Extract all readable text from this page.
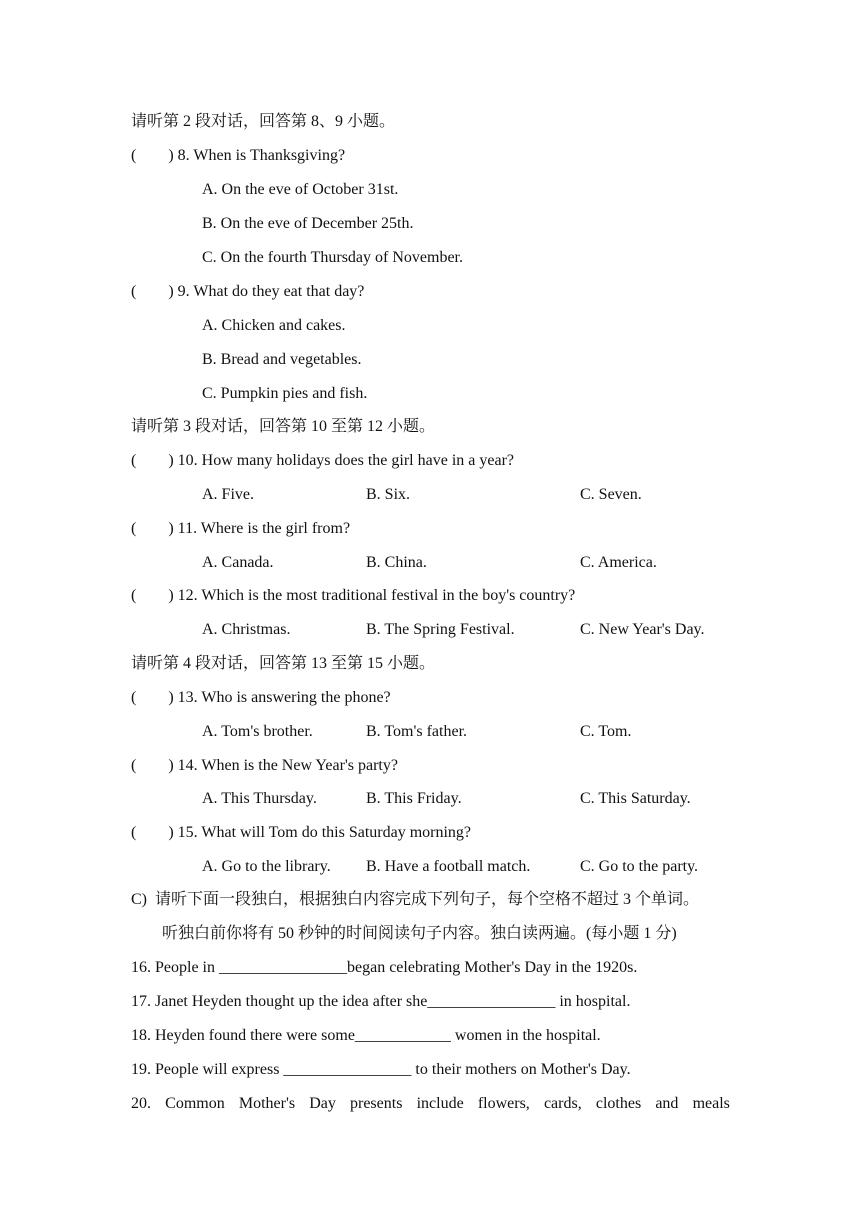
请听第 2 段对话，回答第 8、9 小题。
(        ) 8. When is Thanksgiving?
A. On the eve of October 31st.
B. On the eve of December 25th.
C. On the fourth Thursday of November.
(        ) 9. What do they eat that day?
A. Chicken and cakes.
B. Bread and vegetables.
C. Pumpkin pies and fish.
请听第 3 段对话，回答第 10 至第 12 小题。
(        ) 10. How many holidays does the girl have in a year?
A. Five.	B. Six.	C. Seven.
(        ) 11. Where is the girl from?
A. Canada.	B. China.	C. America.
(        ) 12. Which is the most traditional festival in the boy's country?
A. Christmas.	B. The Spring Festival.	C. New Year's Day.
请听第 4 段对话，回答第 13 至第 15 小题。
(        ) 13. Who is answering the phone?
A. Tom's brother.	B. Tom's father.	C. Tom.
(        ) 14. When is the New Year's party?
A. This Thursday.	B. This Friday.	C. This Saturday.
(        ) 15. What will Tom do this Saturday morning?
A. Go to the library. B. Have a football match.	C. Go to the party.
C)  请听下面一段独白，根据独白内容完成下列句子，每个空格不超过 3 个单词。
听独白前你将有 50 秒钟的时间阅读句子内容。独白读两遍。(每小题 1 分)
16. People in ________________began celebrating Mother's Day in the 1920s.
17. Janet Heyden thought up the idea after she________________ in hospital.
18. Heyden found there were some____________ women in the hospital.
19. People will express ________________ to their mothers on Mother's Day.
20. Common Mother's Day presents include flowers, cards, clothes and meals
